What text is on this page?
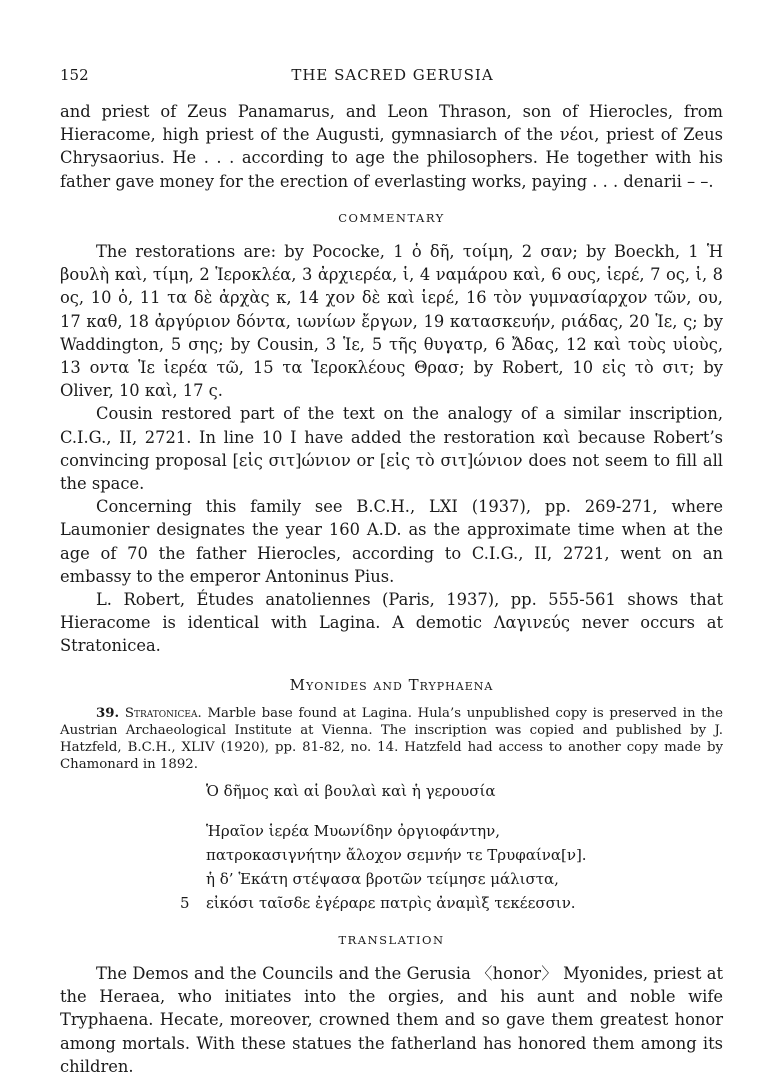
152	THE SACRED GERUSIA

and priest of Zeus Panamarus, and Leon Thrason, son of Hierocles, from Hieracome, high priest of the Augusti, gymnasiarch of the νέοι, priest of Zeus Chrysaorius. He . . . according to age the philosophers. He together with his father gave money for the erection of everlasting works, paying . . . denarii – –.

COMMENTARY

The restorations are: by Pococke, 1 ὁ δῆ, τοίμη, 2 σαν; by Boeckh, 1 Ἡ βουλὴ καὶ, τίμη, 2 Ἱεροκλέα, 3 ἀρχιερέα, ἱ, 4 ναμάρου καὶ, 6 ους, ἱερέ, 7 ος, ἱ, 8 ος, 10 ὁ, 11 τα δὲ ἀρχὰς κ, 14 χον δὲ καὶ ἱερέ, 16 τὸν γυμνασίαρχον τῶν, ου, 17 καθ, 18 ἀργύριον δόντα, ιωνίων ἔργων, 19 κατασκευήν, ριάδας, 20 Ἱε, ς; by Waddington, 5 σης; by Cousin, 3 Ἱε, 5 τῆς θυγατρ, 6 Ἄδας, 12 καὶ τοὺς υἱοὺς, 13 οντα Ἱε ἱερέα τῶ, 15 τα Ἱεροκλέους Θρασ; by Robert, 10 εἰς τὸ σιτ; by Oliver, 10 καὶ, 17 ς.

Cousin restored part of the text on the analogy of a similar inscription, C.I.G., II, 2721. In line 10 I have added the restoration καὶ because Robert’s convincing proposal [εἰς σιτ]ώνιον or [εἰς τὸ σιτ]ώνιον does not seem to fill all the space.

Concerning this family see B.C.H., LXI (1937), pp. 269-271, where Laumonier designates the year 160 A.D. as the approximate time when at the age of 70 the father Hierocles, according to C.I.G., II, 2721, went on an embassy to the emperor Antoninus Pius.

L. Robert, Études anatoliennes (Paris, 1937), pp. 555-561 shows that Hieracome is identical with Lagina. A demotic Λαγινεύς never occurs at Stratonicea.

Myonides and Tryphaena

39. Stratonicea. Marble base found at Lagina. Hula’s unpublished copy is preserved in the Austrian Archaeological Institute at Vienna. The inscription was copied and published by J. Hatzfeld, B.C.H., XLIV (1920), pp. 81-82, no. 14. Hatzfeld had access to another copy made by Chamonard in 1892.

Ὁ δῆμος καὶ αἱ βουλαὶ καὶ ἡ γερουσία
Ἡραῖον ἱερέα Μυωνίδην ὀργιοφάντην,
πατροκασιγνήτην ἄλοχον σεμνήν τε Τρυφαίνα[ν].
ἡ δ’ Ἑκάτη στέψασα βροτῶν τείμησε μάλιστα,
5 εἰκόσι ταῖσδε ἐγέραρε πατρὶς ἀναμὶξ τεκέεσσιν.
TRANSLATION

The Demos and the Councils and the Gerusia 〈honor〉 Myonides, priest at the Heraea, who initiates into the orgies, and his aunt and noble wife Tryphaena. Hecate, moreover, crowned them and so gave them greatest honor among mortals. With these statues the fatherland has honored them among its children.
